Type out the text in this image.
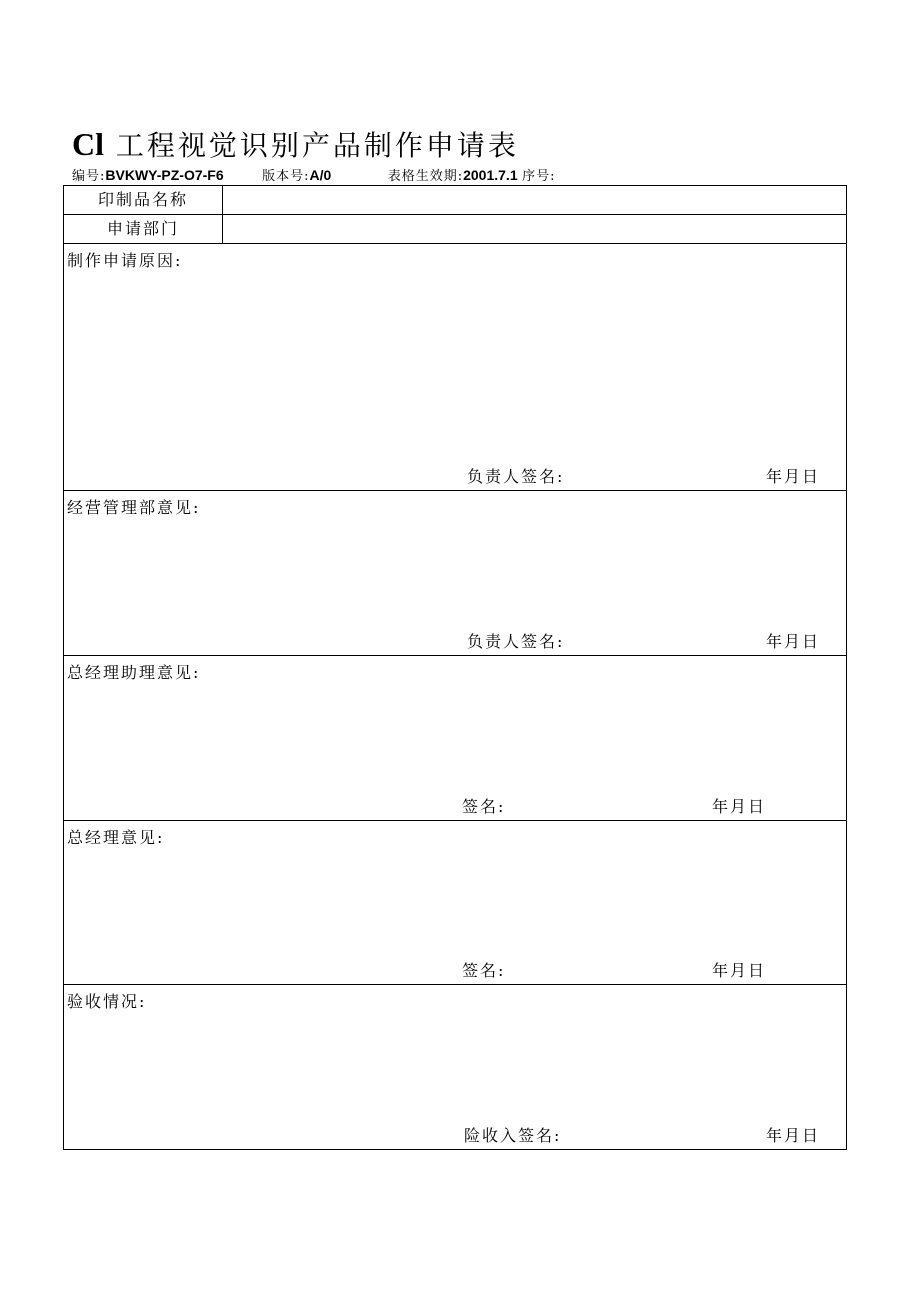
Cl 工程视觉识别产品制作申请表
编号:BVKWY-PZ-O7-F6	版本号:A/0	表格生效期:2001.7.1 序号:
印制品名称
申请部门
制作申请原因:
负责人签名:	年月日
经营管理部意见:
负责人签名:	年月日
总经理助理意见:
签名:	年月日
总经理意见:
签名:	年月日
验收情况:
险收入签名:	年月日
